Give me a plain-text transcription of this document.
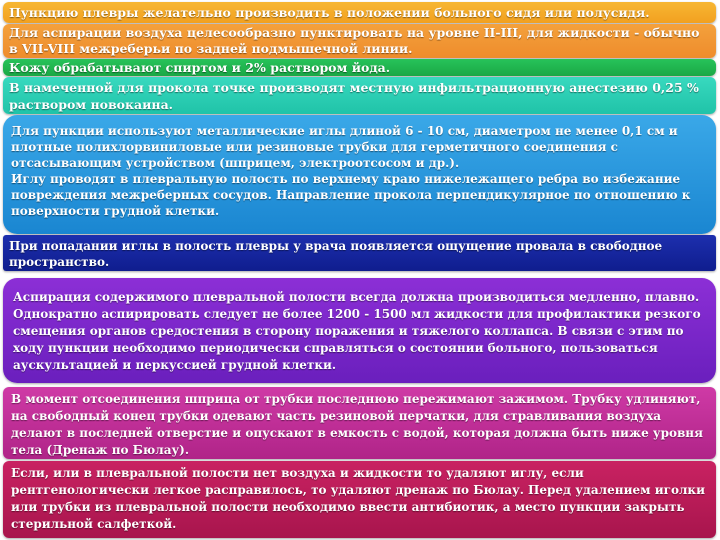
Пункцию плевры желательно производить в положении больного сидя или полусидя.

Для аспирации воздуха целесообразно пунктировать на уровне II-III, для жидкости - обычно в VII-VIII межреберьи по задней подмышечной линии.

Кожу обрабатывают спиртом и 2% раствором йода.

В намеченной для прокола точке производят местную инфильтрационную анестезию 0,25 % раствором новокаина.

Для пункции используют металлические иглы длиной 6 - 10 см, диаметром не менее 0,1 см и плотные полихлорвиниловые или резиновые трубки для герметичного соединения с отсасывающим устройством (шприцем, электроотсосом и др.).

Иглу проводят в плевральную полость по верхнему краю нижележащего ребра во избежание повреждения межреберных сосудов. Направление прокола перпендикулярное по отношению к поверхности грудной клетки.

При попадании иглы в полость плевры у врача появляется ощущение провала в свободное пространство.

Аспирация содержимого плевральной полости всегда должна производиться медленно, плавно. Однократно аспирировать следует не более 1200 - 1500 мл жидкости для профилактики резкого смещения органов средостения в сторону поражения и тяжелого коллапса. В связи с этим по ходу пункции необходимо периодически справляться о состоянии больного, пользоваться аускультацией и перкуссией грудной клетки.

В момент отсоединения шприца от трубки последнюю пережимают зажимом. Трубку удлиняют, на свободный конец трубки одевают часть резиновой перчатки, для стравливания воздуха делают в последней отверстие и опускают в емкость с водой, которая должна быть ниже уровня тела (Дренаж по Бюлау).

Если, или в плевральной полости нет воздуха и жидкости то удаляют иглу, если рентгенологически легкое расправилось, то удаляют дренаж по Бюлау. Перед удалением иголки или трубки из плевральной полости необходимо ввести антибиотик, а место пункции закрыть стерильной салфеткой.
